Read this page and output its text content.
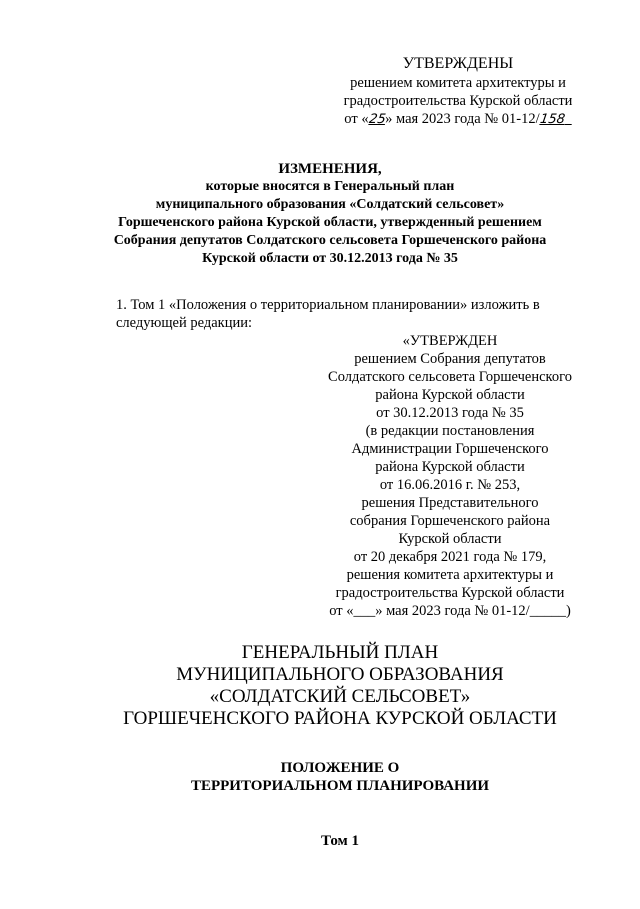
УТВЕРЖДЕНЫ
решением комитета архитектуры и
градостроительства Курской области
от «25» мая 2023 года № 01-12/158
ИЗМЕНЕНИЯ,
которые вносятся в Генеральный план
муниципального образования «Солдатский сельсовет»
Горшеченского района Курской области, утвержденный решением
Собрания депутатов Солдатского сельсовета Горшеченского района
Курской области от 30.12.2013 года № 35
1. Том 1 «Положения о территориальном планировании» изложить в
следующей редакции:
«УТВЕРЖДЕН
решением Собрания депутатов
Солдатского сельсовета Горшеченского
района Курской области
от 30.12.2013 года № 35
(в редакции постановления
Администрации Горшеченского
района Курской области
от 16.06.2016 г. № 253,
решения Представительного
собрания Горшеченского района
Курской области
от 20 декабря 2021 года № 179,
решения комитета архитектуры и
градостроительства Курской области
от «___» мая 2023 года № 01-12/_____)
ГЕНЕРАЛЬНЫЙ ПЛАН
МУНИЦИПАЛЬНОГО ОБРАЗОВАНИЯ
«СОЛДАТСКИЙ СЕЛЬСОВЕТ»
ГОРШЕЧЕНСКОГО РАЙОНА КУРСКОЙ ОБЛАСТИ
ПОЛОЖЕНИЕ О
ТЕРРИТОРИАЛЬНОМ ПЛАНИРОВАНИИ
Том 1
